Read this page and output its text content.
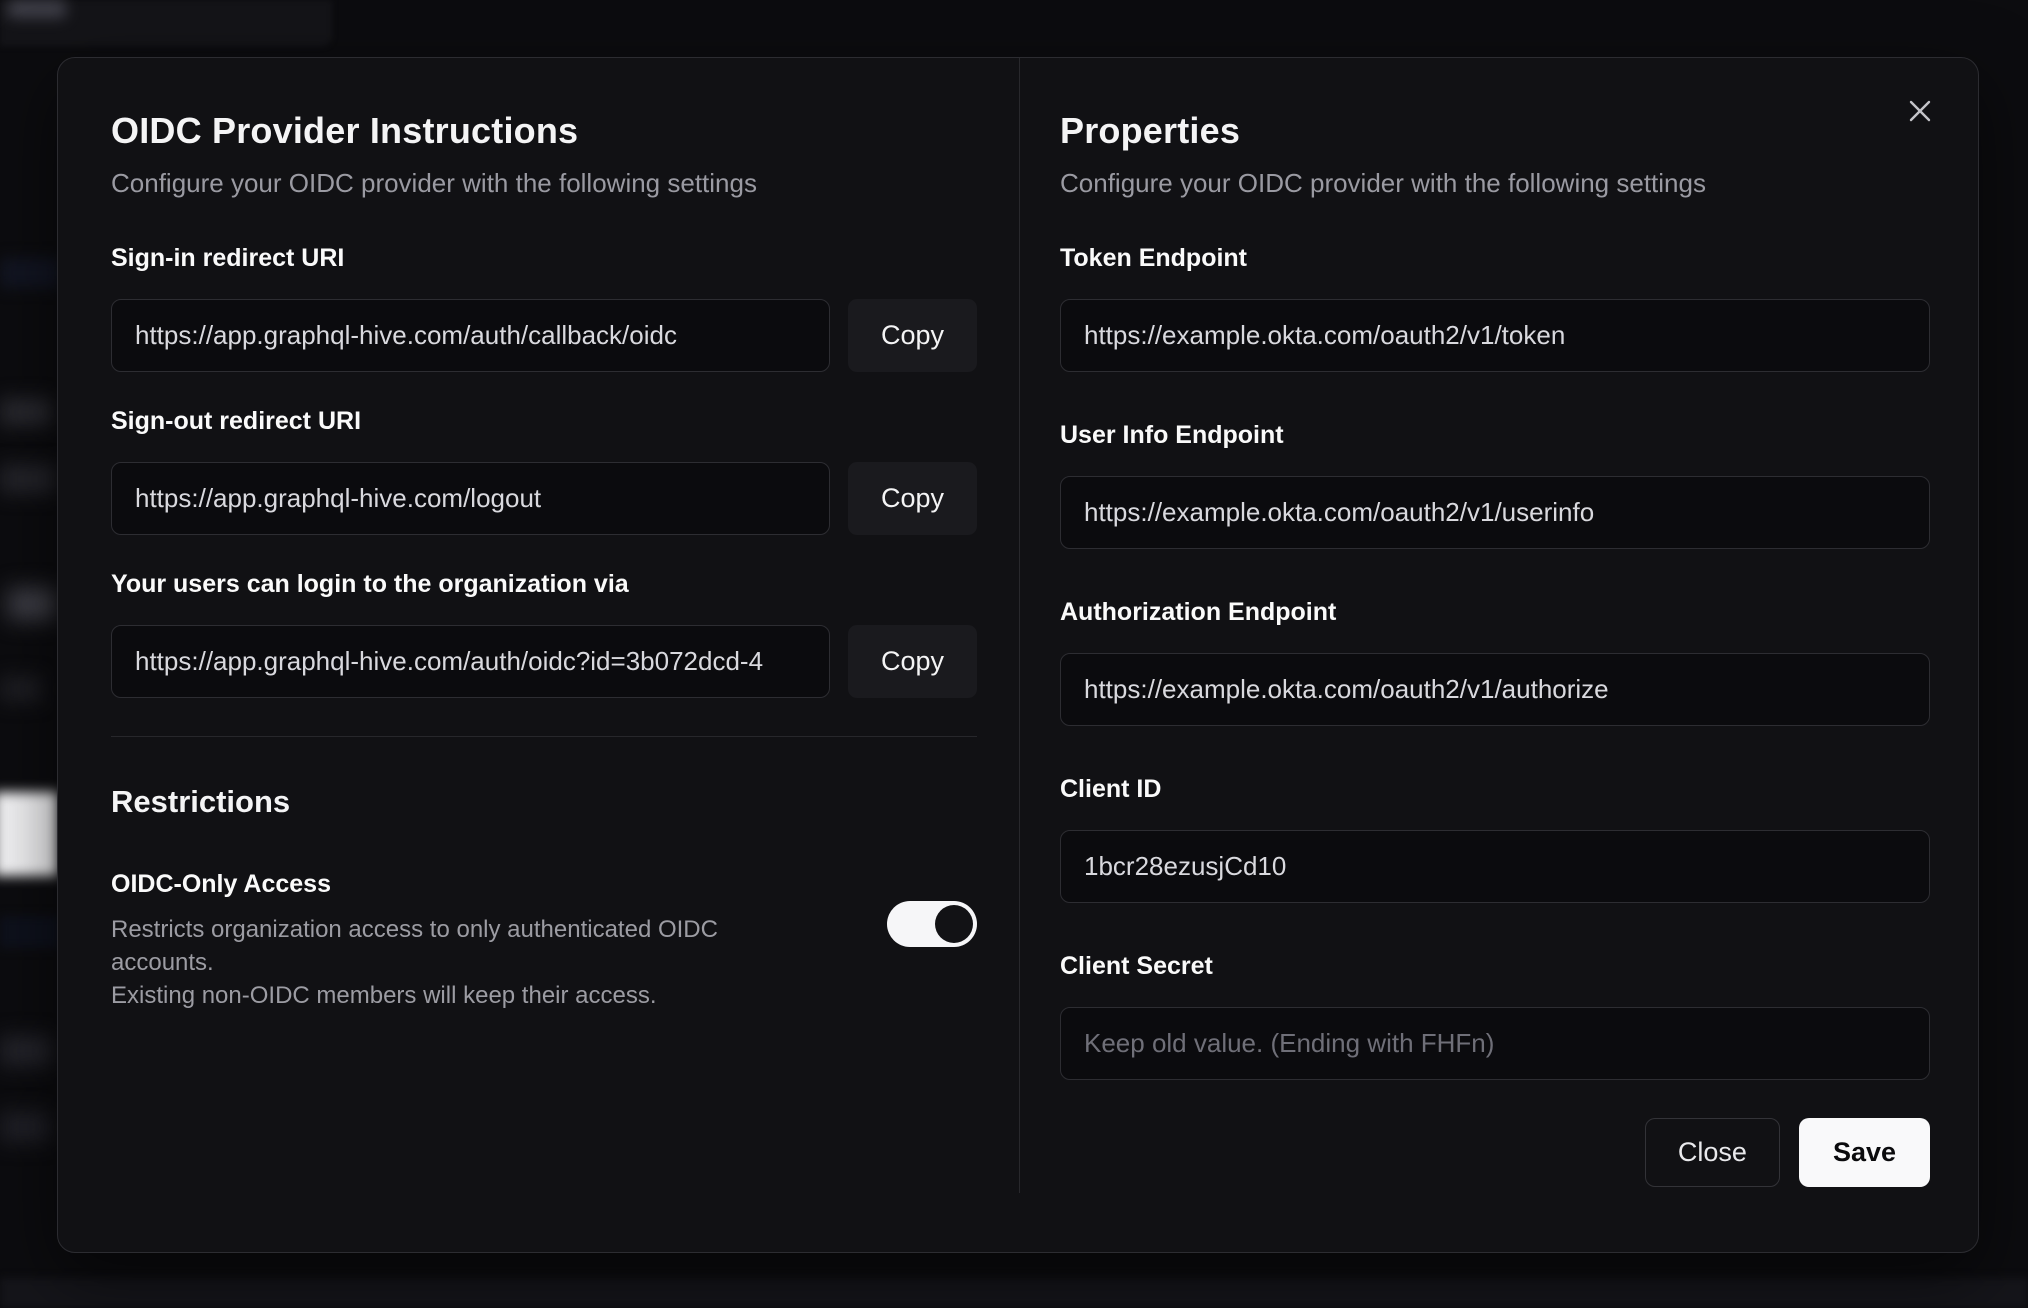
OIDC Provider Instructions

Configure your OIDC provider with the following settings

Sign-in redirect URI
https://app.graphql-hive.com/auth/callback/oidc
Copy
Sign-out redirect URI
https://app.graphql-hive.com/logout
Copy
Your users can login to the organization via
https://app.graphql-hive.com/auth/oidc?id=3b072dcd-4
Copy
Restrictions
OIDC-Only Access

Restricts organization access to only authenticated OIDC accounts.

Existing non-OIDC members will keep their access.

Properties

Configure your OIDC provider with the following settings

Token Endpoint
https://example.okta.com/oauth2/v1/token
User Info Endpoint
https://example.okta.com/oauth2/v1/userinfo
Authorization Endpoint
https://example.okta.com/oauth2/v1/authorize
Client ID
1bcr28ezusjCd10
Client Secret
Keep old value. (Ending with FHFn)
Close	Save
